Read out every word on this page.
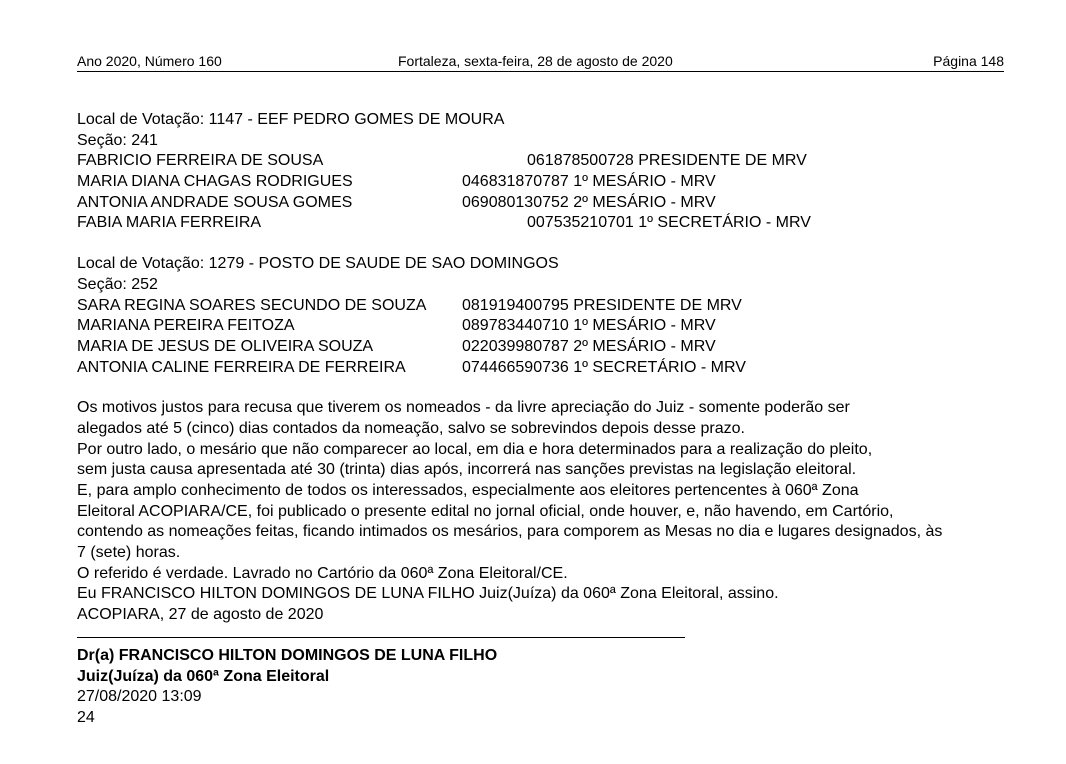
Ano 2020, Número 160	Fortaleza, sexta-feira, 28 de agosto de 2020	Página 148
Local de Votação: 1147 - EEF PEDRO GOMES DE MOURA
Seção: 241
FABRICIO FERREIRA DE SOUSA	061878500728 PRESIDENTE DE MRV
MARIA DIANA CHAGAS RODRIGUES	046831870787 1º MESÁRIO - MRV
ANTONIA ANDRADE SOUSA GOMES	069080130752 2º MESÁRIO - MRV
FABIA MARIA FERREIRA	007535210701 1º SECRETÁRIO - MRV
Local de Votação: 1279 - POSTO DE SAUDE DE SAO DOMINGOS
Seção: 252
SARA REGINA SOARES SECUNDO DE SOUZA 081919400795 PRESIDENTE DE MRV
MARIANA PEREIRA FEITOZA	089783440710 1º MESÁRIO - MRV
MARIA DE JESUS DE OLIVEIRA SOUZA	022039980787 2º MESÁRIO - MRV
ANTONIA CALINE FERREIRA DE FERREIRA	074466590736 1º SECRETÁRIO - MRV
Os motivos justos para recusa que tiverem os nomeados - da livre apreciação do Juiz - somente poderão ser
alegados até 5 (cinco) dias contados da nomeação, salvo se sobrevindos depois desse prazo.
Por outro lado, o mesário que não comparecer ao local, em dia e hora determinados para a realização do pleito,
sem justa causa apresentada até 30 (trinta) dias após, incorrerá nas sanções previstas na legislação eleitoral.
E, para amplo conhecimento de todos os interessados, especialmente aos eleitores pertencentes à 060ª Zona
Eleitoral ACOPIARA/CE, foi publicado o presente edital no jornal oficial, onde houver, e, não havendo, em Cartório,
contendo as nomeações feitas, ficando intimados os mesários, para comporem as Mesas no dia e lugares designados, às
7 (sete) horas.
O referido é verdade. Lavrado no Cartório da 060ª Zona Eleitoral/CE.
Eu FRANCISCO HILTON DOMINGOS DE LUNA FILHO Juiz(Juíza) da 060ª Zona Eleitoral, assino.
ACOPIARA, 27 de agosto de 2020
Dr(a) FRANCISCO HILTON DOMINGOS DE LUNA FILHO
Juiz(Juíza) da 060ª Zona Eleitoral
27/08/2020 13:09
24
